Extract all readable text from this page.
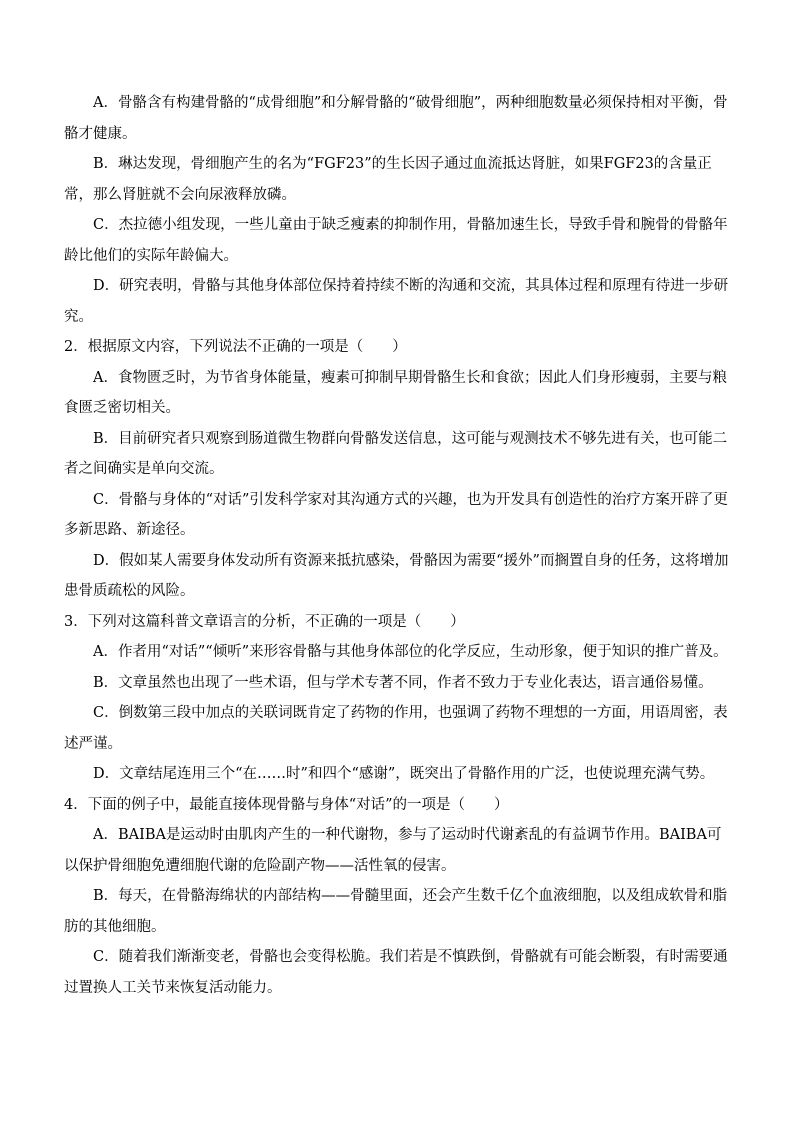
A．骨骼含有构建骨骼的“成骨细胞”和分解骨骼的“破骨细胞”，两种细胞数量必须保持相对平衡，骨骼才健康。

B．琳达发现，骨细胞产生的名为“FGF23”的生长因子通过血流抵达肾脏，如果FGF23的含量正常，那么肾脏就不会向尿液释放磷。

C．杰拉德小组发现，一些儿童由于缺乏瘦素的抑制作用，骨骼加速生长，导致手骨和腕骨的骨骼年龄比他们的实际年龄偏大。

D．研究表明，骨骼与其他身体部位保持着持续不断的沟通和交流，其具体过程和原理有待进一步研究。

2．根据原文内容，下列说法不正确的一项是（　　）

A．食物匮乏时，为节省身体能量，瘦素可抑制早期骨骼生长和食欲；因此人们身形瘦弱，主要与粮食匮乏密切相关。

B．目前研究者只观察到肠道微生物群向骨骼发送信息，这可能与观测技术不够先进有关，也可能二者之间确实是单向交流。

C．骨骼与身体的“对话”引发科学家对其沟通方式的兴趣，也为开发具有创造性的治疗方案开辟了更多新思路、新途径。

D．假如某人需要身体发动所有资源来抵抗感染，骨骼因为需要“援外”而搁置自身的任务，这将增加患骨质疏松的风险。

3．下列对这篇科普文章语言的分析，不正确的一项是（　　）

A．作者用“对话”“倾听”来形容骨骼与其他身体部位的化学反应，生动形象，便于知识的推广普及。

B．文章虽然也出现了一些术语，但与学术专著不同，作者不致力于专业化表达，语言通俗易懂。

C．倒数第三段中加点的关联词既肯定了药物的作用，也强调了药物不理想的一方面，用语周密，表述严谨。

D．文章结尾连用三个“在……时”和四个“感谢”，既突出了骨骼作用的广泛，也使说理充满气势。

4．下面的例子中，最能直接体现骨骼与身体“对话”的一项是（　　）

A．BAIBA是运动时由肌肉产生的一种代谢物，参与了运动时代谢紊乱的有益调节作用。BAIBA可以保护骨细胞免遭细胞代谢的危险副产物——活性氧的侵害。

B．每天，在骨骼海绵状的内部结构——骨髓里面，还会产生数千亿个血液细胞，以及组成软骨和脂肪的其他细胞。

C．随着我们渐渐变老，骨骼也会变得松脆。我们若是不慎跌倒，骨骼就有可能会断裂，有时需要通过置换人工关节来恢复活动能力。
